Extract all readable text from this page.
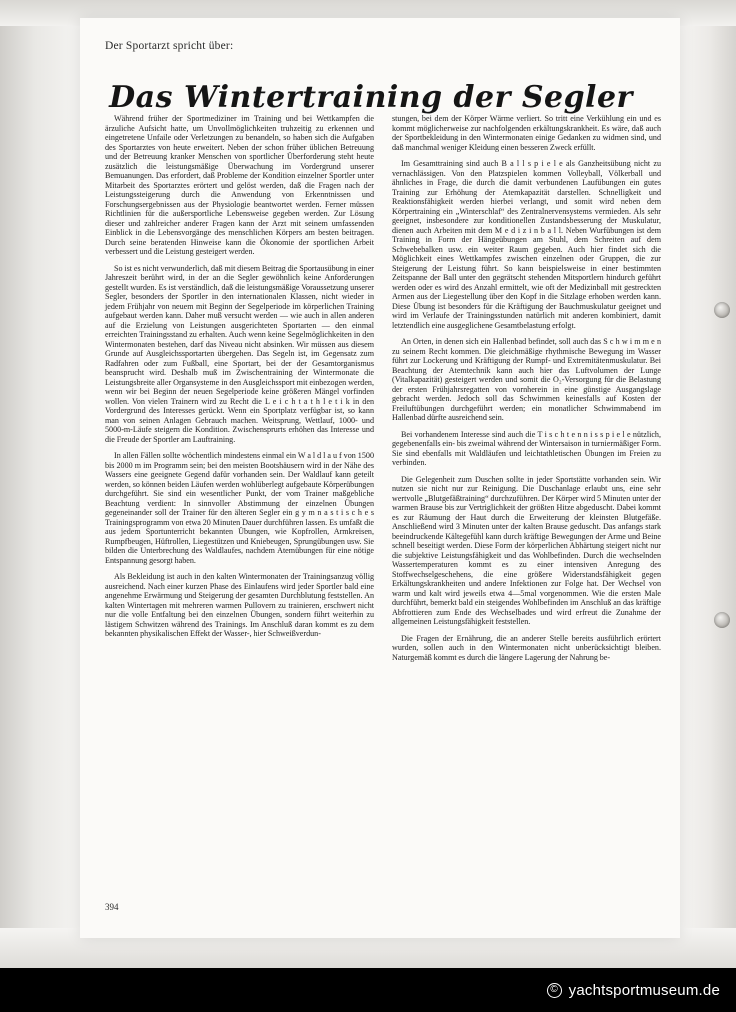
Der Sportarzt spricht über:
Das Wintertraining der Segler

Während früher der Sportmediziner im Training und bei Wettkampfen die ärzuliche Aufsicht hatte, um Unvollmöglichkeiten truhzeitig zu erkennen und eingetretene Unfaile oder Verletzungen zu benandeln, so haben sich die Aufgaben des Sportarztes von heute erweitert. Neben der schon früher üblichen Betreuung und der Betreuung kranker Menschen von sportlicher Überforderung steht heute zusätzlich die leistungsmäßige Überwachung im Vordergrund unserer Bemuanungen. Das erfordert, daß Probleme der Kondition einzelner Sportler unter Mitarbeit des Sportarztes erörtert und gelöst werden, daß die Fragen nach der Leistungssteigerung durch die Anwendung von Erkenntnissen und Forschungsergebnissen aus der Physiologie beantwortet werden. Ferner müssen Richtlinien für die außersportliche Lebensweise gegeben werden. Zur Lösung dieser und zahlreicher anderer Fragen kann der Arzt mit seinem umfassenden Einblick in die Lebensvorgänge des menschlichen Körpers am besten beitragen. Durch seine beratenden Hinweise kann die Ökonomie der sportlichen Arbeit verbessert und die Leistung gesteigert werden.

So ist es nicht verwunderlich, daß mit diesem Beitrag die Sportausübung in einer Jahreszeit berührt wird, in der an die Segler gewöhnlich keine Anforderungen gestellt wurden. Es ist verständlich, daß die leistungsmäßige Voraussetzung unserer Segler, besonders der Sportler in den internationalen Klassen, nicht wieder in jedem Frühjahr von neuem mit Beginn der Segelperiode im körperlichen Training aufgebaut werden kann. Daher muß versucht werden — wie auch in allen anderen auf die Erzielung von Leistungen ausgerichteten Sportarten — den einmal erreichten Trainingsstand zu erhalten. Auch wenn keine Segelmöglichkeiten in den Wintermonaten bestehen, darf das Niveau nicht absinken. Wir müssen aus diesem Grunde auf Ausgleichssportarten übergehen. Das Segeln ist, im Gegensatz zum Radfahren oder zum Fußball, eine Sportart, bei der der Gesamtorganismus beansprucht wird. Deshalb muß im Zwischentraining der Wintermonate die Leistungsbreite aller Organsysteme in den Ausgleichssport mit einbezogen werden, wenn wir bei Beginn der neuen Segelperiode keine größeren Mängel vorfinden wollen. Von vielen Trainern wird zu Recht die L e i c h t a t h l e t i k in den Vordergrund des Interesses gerückt. Wenn ein Sportplatz verfügbar ist, so kann man von seinen Anlagen Gebrauch machen. Weitsprung, Wettlauf, 1000- und 5000-m-Läufe steigern die Kondition. Zwischensprurts erhöhen das Interesse und die Freude der Sportler am Lauftraining.

In allen Fällen sollte wöchentlich mindestens einmal ein W a l d l a u f von 1500 bis 2000 m im Programm sein; bei den meisten Bootshäusern wird in der Nähe des Wassers eine geeignete Gegend dafür vorhanden sein. Der Waldlauf kann geteilt werden, so können beiden Läufen werden wohlüberlegt aufgebaute Körperübungen durchgeführt. Sie sind ein wesentlicher Punkt, der vom Trainer maßgebliche Beachtung verdient: In sinnvoller Abstimmung der einzelnen Übungen gegeneinander soll der Trainer für den älteren Segler ein g y m n a s t i s c h e s Trainingsprogramm von etwa 20 Minuten Dauer durchführen lassen. Es umfaßt die aus jedem Sportunterricht bekannten Übungen, wie Kopfrollen, Armkreisen, Rumpfbeugen, Hüftrollen, Liegestützen und Kniebeugen, Sprungübungen usw. Sie bilden die Unterbrechung des Waldlaufes, nachdem Atemübungen für eine nötige Entspannung gesorgt haben.

Als Bekleidung ist auch in den kalten Wintermonaten der Trainingsanzug völlig ausreichend. Nach einer kurzen Phase des Einlaufens wird jeder Sportler bald eine angenehme Erwärmung und Steigerung der gesamten Durchblutung feststellen. An kalten Wintertagen mit mehreren warmen Pullovern zu trainieren, erschwert nicht nur die volle Entfaltung bei den einzelnen Übungen, sondern führt weiterhin zu lästigem Schwitzen während des Trainings. Im Anschluß daran kommt es zu dem bekannten physikalischen Effekt der Wasser-, hier Schweißverdun-

stungen, bei dem der Körper Wärme verliert. So tritt eine Verkühlung ein und es kommt möglicherweise zur nachfolgenden erkältungskrankheit. Es wäre, daß auch der Sportbekleidung in den Wintermonaten einige Gedanken zu widmen sind, und daß manchmal weniger Kleidung einen besseren Zweck erfüllt.

Im Gesamttraining sind auch B a l l s p i e l e als Ganzheitsübung nicht zu vernachlässigen. Von den Platzspielen kommen Volleyball, Völkerball und ähnliches in Frage, die durch die damit verbundenen Laufübungen ein gutes Training zur Erhöhung der Atemkapazität darstellen. Schnelligkeit und Reaktionsfähigkeit werden hierbei verlangt, und somit wird neben dem Körpertraining ein „Winterschlaf“ des Zentralnervensystems vermieden. Als sehr geeignet, insbesondere zur konditionellen Zustandsbesserung der Muskulatur, dienen auch Arbeiten mit dem M e d i z i n b a l l. Neben Wurfübungen ist dem Training in Form der Hängeübungen am Stuhl, dem Schreiten auf dem Schwebebalken usw. ein weiter Raum gegeben. Auch hier findet sich die Möglichkeit eines Wettkampfes zwischen einzelnen oder Gruppen, die zur Steigerung der Leistung führt. So kann beispielsweise in einer bestimmten Zeitspanne der Ball unter den gegrätscht stehenden Mitsportlern hindurch geführt werden oder es wird des Anzahl ermittelt, wie oft der Medizinball mit gestreckten Armen aus der Liegestellung über den Kopf in die Sitzlage erhoben werden kann. Diese Übung ist besonders für die Kräftigung der Bauchmuskulatur geeignet und wird im Verlaufe der Trainingsstunden natürlich mit anderen kombiniert, damit letztendlich eine ausgeglichene Gesamtbelastung erfolgt.

An Orten, in denen sich ein Hallenbad befindet, soll auch das S c h w i m m e n zu seinem Recht kommen. Die gleichmäßige rhythmische Bewegung im Wasser führt zur Lockerung und Kräftigung der Rumpf- und Extremitätenmuskulatur. Bei Beachtung der Atemtechnik kann auch hier das Luftvolumen der Lunge (Vitalkapazität) gesteigert werden und somit die O₂-Versorgung für die Belastung der ersten Frühjahrsregatten von vornherein in eine günstige Ausgangslage gebracht werden. Jedoch soll das Schwimmen keinesfalls auf Kosten der Freiluftübungen durchgeführt werden; ein monatlicher Schwimmabend im Hallenbad dürfte ausreichend sein.

Bei vorhandenem Interesse sind auch die T i s c h t e n n i s s p i e l e nützlich, gegebenenfalls ein- bis zweimal während der Wintersaison in turniermäßiger Form. Sie sind ebenfalls mit Waldläufen und leichtathletischen Übungen im Freien zu verbinden.

Die Gelegenheit zum Duschen sollte in jeder Sportstätte vorhanden sein. Wir nutzen sie nicht nur zur Reinigung. Die Duschanlage erlaubt uns, eine sehr wertvolle „Blutgefäßtraining“ durchzuführen. Der Körper wird 5 Minuten unter der warmen Brause bis zur Vertriglichkeit der größten Hitze abgeduscht. Dabei kommt es zur Räumung der Haut durch die Erweiterung der kleinsten Blutgefäße. Anschließend wird 3 Minuten unter der kalten Brause geduscht. Das anfangs stark beeindruckende Kältegefühl kann durch kräftige Bewegungen der Arme und Beine schnell beseitigt werden. Diese Form der körperlichen Abhärtung steigert nicht nur die subjektive Leistungsfähigkeit und das Wohlbefinden. Durch die wechselnden Wassertemperaturen kommt es zu einer intensiven Anregung des Stoffwechselgeschehens, die eine größere Widerstandsfähigkeit gegen Erkältungskrankheiten und andere Infektionen zur Folge hat. Der Wechsel von warm und kalt wird jeweils etwa 4—5mal vorgenommen. Wie die ersten Male durchführt, bemerkt bald ein steigendes Wohlbefinden im Anschluß an das kräftige Abfrottieren zum Ende des Wechselbades und wird erfreut die Zunahme der allgemeinen Leistungsfähigkeit feststellen.

Die Fragen der Ernährung, die an anderer Stelle bereits ausführlich erörtert wurden, sollen auch in den Wintermonaten nicht unberücksichtigt bleiben. Naturgemäß kommt es durch die längere Lagerung der Nahrung be-

394
© yachtsportmuseum.de
